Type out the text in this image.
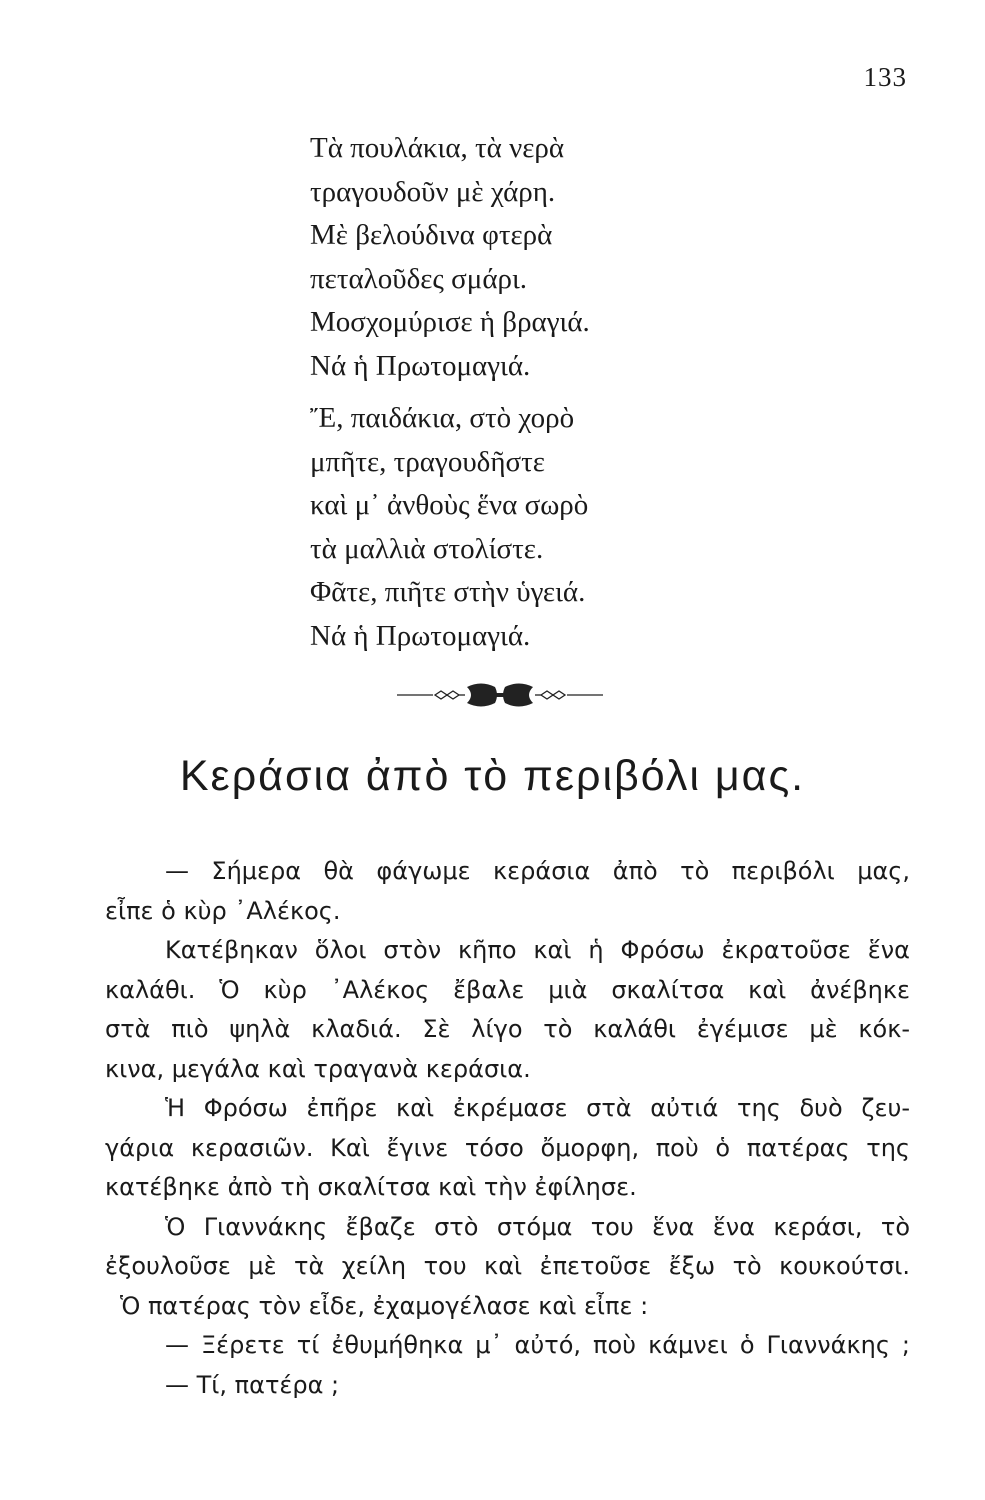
133
Τὰ πουλάκια, τὰ νερὰ
τραγουδοῦν μὲ χάρη.
Μὲ βελούδινα φτερὰ
πεταλοῦδες σμάρι.
Μοσχομύρισε ἡ βραγιά.
Νά ἡ Πρωτομαγιά.
Ἔ, παιδάκια, στὸ χορὸ
μπῆτε, τραγουδῆστε
καὶ μ᾿ ἀνθοὺς ἕνα σωρὸ
τὰ μαλλιὰ στολίστε.
Φᾶτε, πιῆτε στὴν ὑγειά.
Νά ἡ Πρωτομαγιά.
Κεράσια ἀπὸ τὸ περιβόλι μας.
— Σήμερα θὰ φάγωμε κεράσια ἀπὸ τὸ περιβόλι μας,
εἶπε ὁ κὺρ ᾿Αλέκος.
Κατέβηκαν ὅλοι στὸν κῆπο καὶ ἡ Φρόσω ἐκρατοῦσε ἕνα
καλάθι. Ὁ κὺρ ᾿Αλέκος ἔβαλε μιὰ σκαλίτσα καὶ ἀνέβηκε
στὰ πιὸ ψηλὰ κλαδιά. Σὲ λίγο τὸ καλάθι ἐγέμισε μὲ κόκ-
κινα, μεγάλα καὶ τραγανὰ κεράσια.
Ἡ Φρόσω ἐπῆρε καὶ ἐκρέμασε στὰ αὐτιά της δυὸ ζευ-
γάρια κερασιῶν. Καὶ ἔγινε τόσο ὄμορφη, ποὺ ὁ πατέρας της
κατέβηκε ἀπὸ τὴ σκαλίτσα καὶ τὴν ἐφίλησε.
Ὁ Γιαννάκης ἔβαζε στὸ στόμα του ἕνα ἕνα κεράσι, τὸ
ἐξουλοῦσε μὲ τὰ χείλη του καὶ ἐπετοῦσε ἔξω τὸ κουκούτσι.
Ὁ πατέρας τὸν εἶδε, ἐχαμογέλασε καὶ εἶπε :
— Ξέρετε τί ἐθυμήθηκα μ᾿ αὐτό, ποὺ κάμνει ὁ Γιαννάκης ;
— Τί, πατέρα ;
